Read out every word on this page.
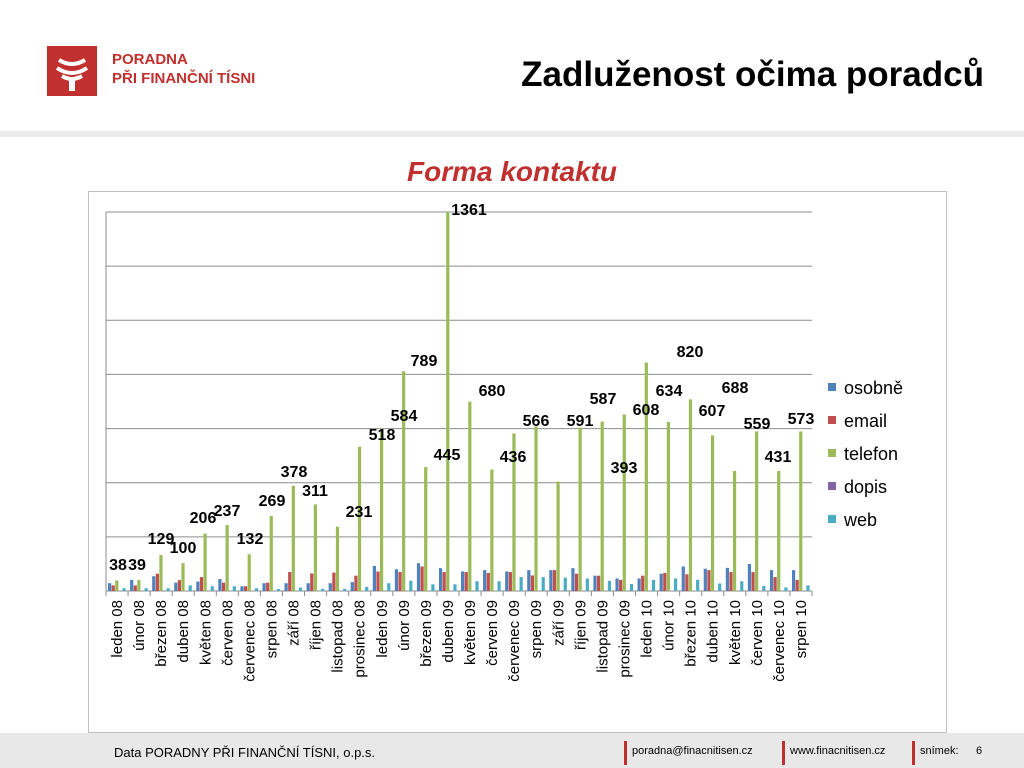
PORADNA
PŘI FINANČNÍ TÍSNI	Zadluženost očima poradců
Forma kontaktu
leden 08 únor 08 březen 08 duben 08 květen 08 červen 08 červenec 08 srpen 08 září 08 říjen 08 listopad 08 prosinec 08 leden 09 únor 09 březen 09 duben 09 květen 09 červen 09 červenec 09 srpen 09 září 09 říjen 09 listopad 09 prosinec 09 leden 10 únor 10 březen 10 duben 10 květen 10 červen 10 červenec 10 srpen 10
38 39
129
100
206
237
132
269
378
311
231
518
584
789
445
1361
680
436
566 591
393
587
608
634
820
607
688
559
431
573
osobně
email
telefon
dopis
web
Data PORADNY PŘI FINANČNÍ TÍSNI, o.p.s.	poradna@finacnitisen.cz	www.finacnitisen.cz	snímek: 6
